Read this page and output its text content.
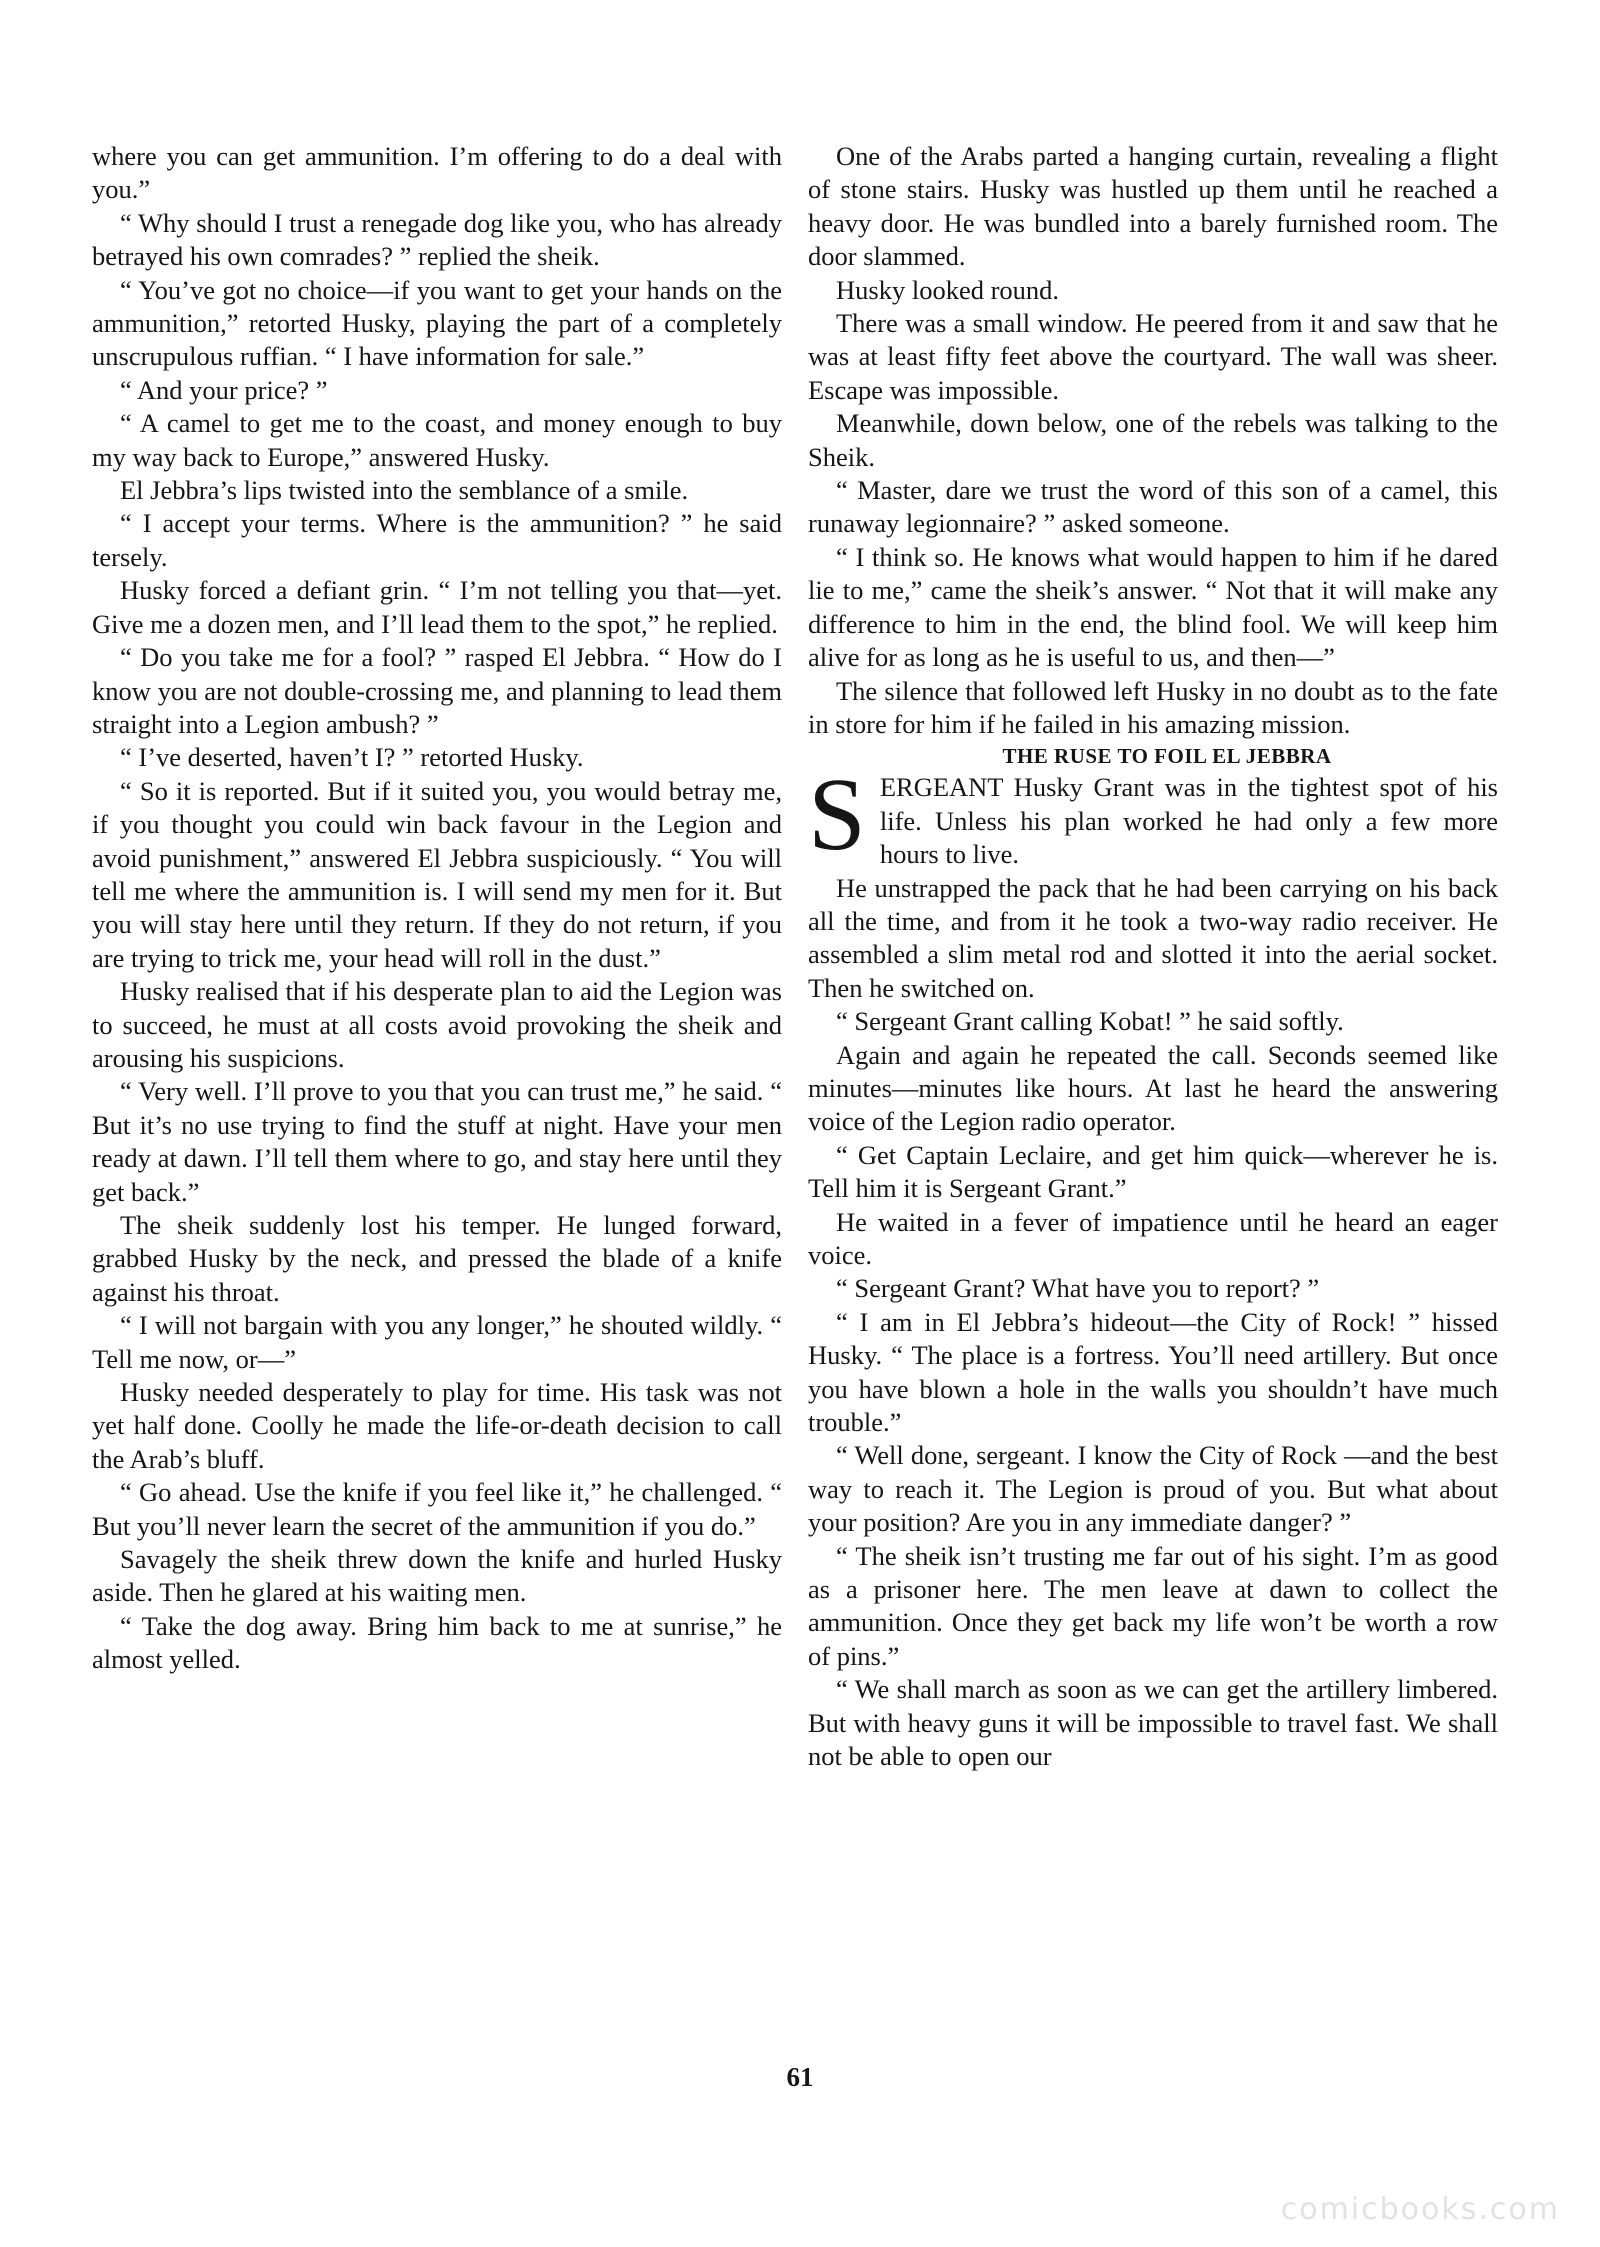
where you can get ammunition. I’m offering to do a deal with you.”

“ Why should I trust a renegade dog like you, who has already betrayed his own comrades? ” replied the sheik.

“ You’ve got no choice—if you want to get your hands on the ammunition,” retorted Husky, playing the part of a completely unscrupulous ruffian. “ I have information for sale.”

“ And your price? ”

“ A camel to get me to the coast, and money enough to buy my way back to Europe,” answered Husky.

El Jebbra’s lips twisted into the semblance of a smile.

“ I accept your terms. Where is the ammunition? ” he said tersely.

Husky forced a defiant grin. “ I’m not telling you that—yet. Give me a dozen men, and I’ll lead them to the spot,” he replied.

“ Do you take me for a fool? ” rasped El Jebbra. “ How do I know you are not double-crossing me, and planning to lead them straight into a Legion ambush? ”

“ I’ve deserted, haven’t I? ” retorted Husky.

“ So it is reported. But if it suited you, you would betray me, if you thought you could win back favour in the Legion and avoid punishment,” answered El Jebbra suspiciously. “ You will tell me where the ammunition is. I will send my men for it. But you will stay here until they return. If they do not return, if you are trying to trick me, your head will roll in the dust.”

Husky realised that if his desperate plan to aid the Legion was to succeed, he must at all costs avoid provoking the sheik and arousing his suspicions.

“ Very well. I’ll prove to you that you can trust me,” he said. “ But it’s no use trying to find the stuff at night. Have your men ready at dawn. I’ll tell them where to go, and stay here until they get back.”

The sheik suddenly lost his temper. He lunged forward, grabbed Husky by the neck, and pressed the blade of a knife against his throat.

“ I will not bargain with you any longer,” he shouted wildly. “ Tell me now, or—”

Husky needed desperately to play for time. His task was not yet half done. Coolly he made the life-or-death decision to call the Arab’s bluff.

“ Go ahead. Use the knife if you feel like it,” he challenged. “ But you’ll never learn the secret of the ammunition if you do.”

Savagely the sheik threw down the knife and hurled Husky aside. Then he glared at his waiting men.

“ Take the dog away. Bring him back to me at sunrise,” he almost yelled.

One of the Arabs parted a hanging curtain, revealing a flight of stone stairs. Husky was hustled up them until he reached a heavy door. He was bundled into a barely furnished room. The door slammed.

Husky looked round.

There was a small window. He peered from it and saw that he was at least fifty feet above the courtyard. The wall was sheer. Escape was impossible.

Meanwhile, down below, one of the rebels was talking to the Sheik.

“ Master, dare we trust the word of this son of a camel, this runaway legionnaire? ” asked someone.

“ I think so. He knows what would happen to him if he dared lie to me,” came the sheik’s answer. “ Not that it will make any difference to him in the end, the blind fool. We will keep him alive for as long as he is useful to us, and then—”

The silence that followed left Husky in no doubt as to the fate in store for him if he failed in his amazing mission.

THE RUSE TO FOIL EL JEBBRA

SERGEANT Husky Grant was in the tightest spot of his life. Unless his plan worked he had only a few more hours to live.

He unstrapped the pack that he had been carrying on his back all the time, and from it he took a two-way radio receiver. He assembled a slim metal rod and slotted it into the aerial socket. Then he switched on.

“ Sergeant Grant calling Kobat! ” he said softly.

Again and again he repeated the call. Seconds seemed like minutes—minutes like hours. At last he heard the answering voice of the Legion radio operator.

“ Get Captain Leclaire, and get him quick—wherever he is. Tell him it is Sergeant Grant.”

He waited in a fever of impatience until he heard an eager voice.

“ Sergeant Grant? What have you to report? ”

“ I am in El Jebbra’s hideout—the City of Rock! ” hissed Husky. “ The place is a fortress. You’ll need artillery. But once you have blown a hole in the walls you shouldn’t have much trouble.”

“ Well done, sergeant. I know the City of Rock —and the best way to reach it. The Legion is proud of you. But what about your position? Are you in any immediate danger? ”

“ The sheik isn’t trusting me far out of his sight. I’m as good as a prisoner here. The men leave at dawn to collect the ammunition. Once they get back my life won’t be worth a row of pins.”

“ We shall march as soon as we can get the artillery limbered. But with heavy guns it will be impossible to travel fast. We shall not be able to open our

61
comicbooks.com
